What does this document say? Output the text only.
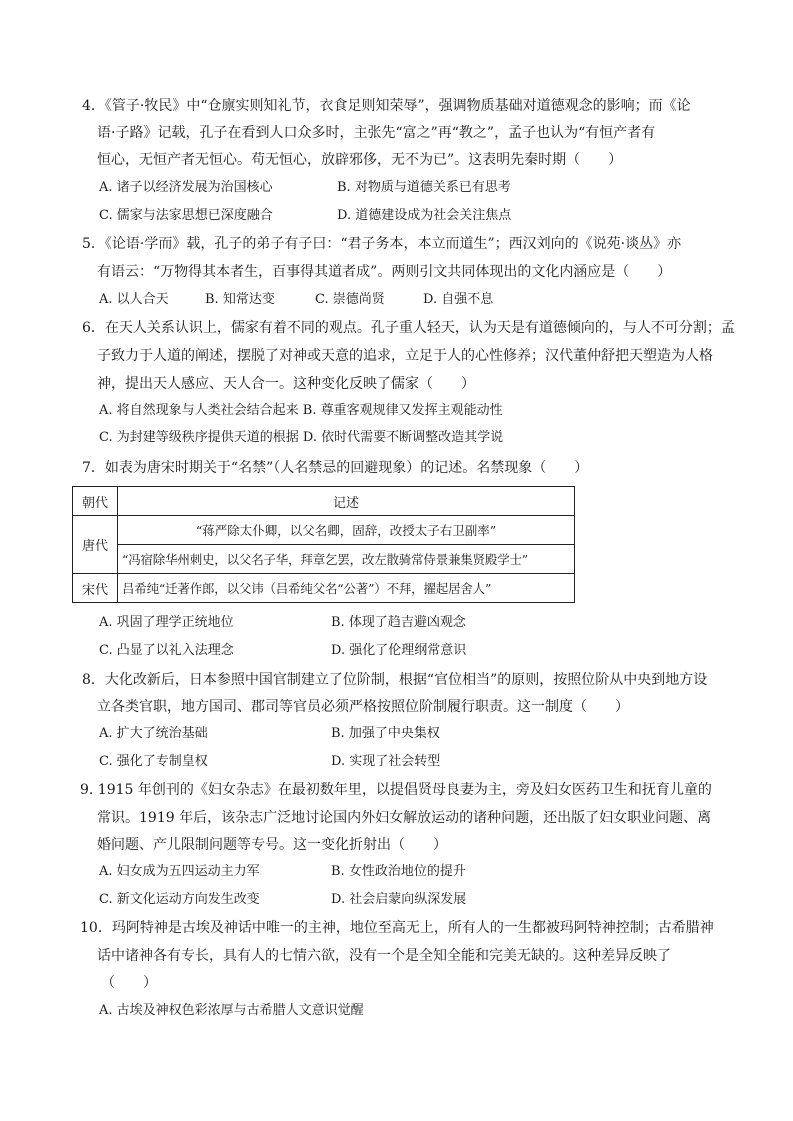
4．《管子·牧民》中“仓廪实则知礼节，衣食足则知荣辱”，强调物质基础对道德观念的影响；而《论
语·子路》记载，孔子在看到人口众多时，主张先“富之”再“教之”，孟子也认为“有恒产者有
恒心，无恒产者无恒心。苟无恒心，放辟邪侈，无不为已”。这表明先秦时期（　　）
A. 诸子以经济发展为治国核心	B. 对物质与道德关系已有思考
C. 儒家与法家思想已深度融合	D. 道德建设成为社会关注焦点
5．《论语·学而》载，孔子的弟子有子曰：“君子务本，本立而道生”；西汉刘向的《说苑·谈丛》亦
有语云：“万物得其本者生，百事得其道者成”。两则引文共同体现出的文化内涵应是（　　）
A. 以人合天	B. 知常达变	C. 崇德尚贤	D. 自强不息
6．在天人关系认识上，儒家有着不同的观点。孔子重人轻天，认为天是有道德倾向的，与人不可分割；孟
子致力于人道的阐述，摆脱了对神或天意的追求，立足于人的心性修养；汉代董仲舒把天塑造为人格
神，提出天人感应、天人合一。这种变化反映了儒家（　　）
A. 将自然现象与人类社会结合起来 B. 尊重客观规律又发挥主观能动性
C. 为封建等级秩序提供天道的根据 D. 依时代需要不断调整改造其学说
7．如表为唐宋时期关于“名禁”（人名禁忌的回避现象）的记述。名禁现象（　　）
朝代	记述
唐代	“蒋严除太仆卿，以父名卿，固辞，改授太子右卫副率”
	“冯宿除华州刺史，以父名子华，拜章乞罢，改左散骑常侍景兼集贤殿学士”
宋代	吕希纯“迁著作郎，以父讳（吕希纯父名“公著”）不拜，擢起居舍人”
A. 巩固了理学正统地位	B. 体现了趋吉避凶观念
C. 凸显了以礼入法理念	D. 强化了伦理纲常意识
8．大化改新后，日本参照中国官制建立了位阶制，根据“官位相当”的原则，按照位阶从中央到地方设
立各类官职，地方国司、郡司等官员必须严格按照位阶制履行职责。这一制度（　　）
A. 扩大了统治基础	B. 加强了中央集权
C. 强化了专制皇权	D. 实现了社会转型
9. 1915 年创刊的《妇女杂志》在最初数年里，以提倡贤母良妻为主，旁及妇女医药卫生和抚育儿童的
常识。1919 年后，该杂志广泛地讨论国内外妇女解放运动的诸种问题，还出版了妇女职业问题、离
婚问题、产儿限制问题等专号。这一变化折射出（　　）
A. 妇女成为五四运动主力军	B. 女性政治地位的提升
C. 新文化运动方向发生改变	D. 社会启蒙向纵深发展
10．玛阿特神是古埃及神话中唯一的主神，地位至高无上，所有人的一生都被玛阿特神控制；古希腊神
话中诸神各有专长，具有人的七情六欲，没有一个是全知全能和完美无缺的。这种差异反映了
（　　）
A. 古埃及神权色彩浓厚与古希腊人文意识觉醒
